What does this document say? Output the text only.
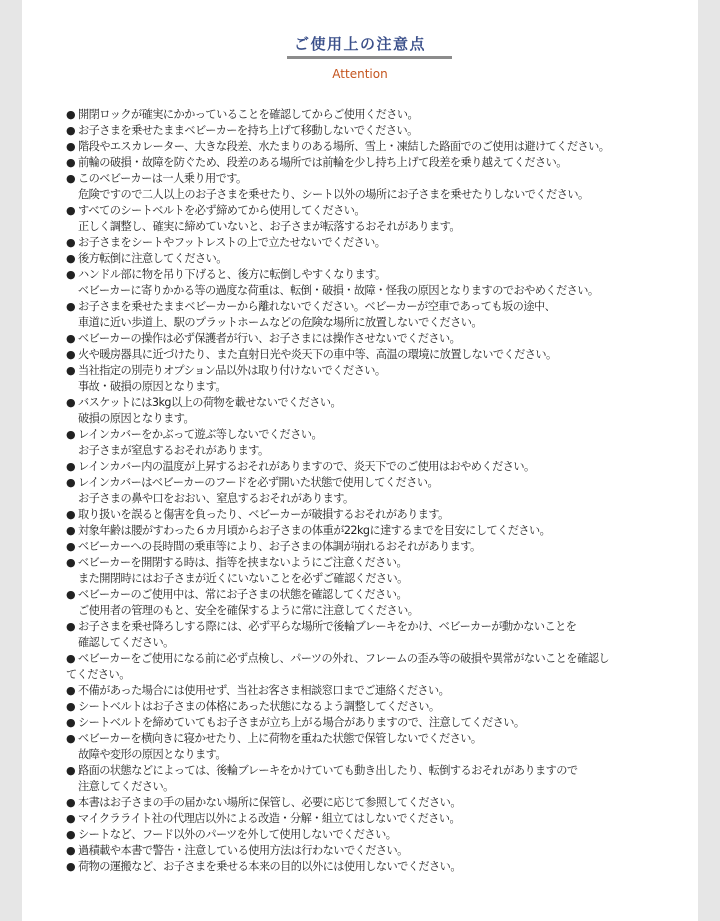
ご使用上の注意点
Attention
● 開閉ロックが確実にかかっていることを確認してからご使用ください。
● お子さまを乗せたままベビーカーを持ち上げて移動しないでください。
● 階段やエスカレーター、大きな段差、水たまりのある場所、雪上・凍結した路面でのご使用は避けてください。
● 前輪の破損・故障を防ぐため、段差のある場所では前輪を少し持ち上げて段差を乗り越えてください。
● このベビーカーは一人乗り用です。
危険ですので二人以上のお子さまを乗せたり、シート以外の場所にお子さまを乗せたりしないでください。
● すべてのシートベルトを必ず締めてから使用してください。
正しく調整し、確実に締めていないと、お子さまが転落するおそれがあります。
● お子さまをシートやフットレストの上で立たせないでください。
● 後方転倒に注意してください。
● ハンドル部に物を吊り下げると、後方に転倒しやすくなります。
ベビーカーに寄りかかる等の過度な荷重は、転倒・破損・故障・怪我の原因となりますのでおやめください。
● お子さまを乗せたままベビーカーから離れないでください。ベビーカーが空車であっても坂の途中、
車道に近い歩道上、駅のプラットホームなどの危険な場所に放置しないでください。
● ベビーカーの操作は必ず保護者が行い、お子さまには操作させないでください。
● 火や暖房器具に近づけたり、また直射日光や炎天下の車中等、高温の環境に放置しないでください。
● 当社指定の別売りオプション品以外は取り付けないでください。
事故・破損の原因となります。
● バスケットには3kg以上の荷物を載せないでください。
破損の原因となります。
● レインカバーをかぶって遊ぶ等しないでください。
お子さまが窒息するおそれがあります。
● レインカバー内の温度が上昇するおそれがありますので、炎天下でのご使用はおやめください。
● レインカバーはベビーカーのフードを必ず開いた状態で使用してください。
お子さまの鼻や口をおおい、窒息するおそれがあります。
● 取り扱いを誤ると傷害を負ったり、ベビーカーが破損するおそれがあります。
● 対象年齢は腰がすわった６カ月頃からお子さまの体重が22kgに達するまでを目安にしてください。
● ベビーカーへの長時間の乗車等により、お子さまの体調が崩れるおそれがあります。
● ベビーカーを開閉する時は、指等を挟まないようにご注意ください。
また開閉時にはお子さまが近くにいないことを必ずご確認ください。
● ベビーカーのご使用中は、常にお子さまの状態を確認してください。
ご使用者の管理のもと、安全を確保するように常に注意してください。
● お子さまを乗せ降ろしする際には、必ず平らな場所で後輪ブレーキをかけ、ベビーカーが動かないことを
確認してください。
● ベビーカーをご使用になる前に必ず点検し、パーツの外れ、フレームの歪み等の破損や異常がないことを確認し
てください。
● 不備があった場合には使用せず、当社お客さま相談窓口までご連絡ください。
● シートベルトはお子さまの体格にあった状態になるよう調整してください。
● シートベルトを締めていてもお子さまが立ち上がる場合がありますので、注意してください。
● ベビーカーを横向きに寝かせたり、上に荷物を重ねた状態で保管しないでください。
故障や変形の原因となります。
● 路面の状態などによっては、後輪ブレーキをかけていても動き出したり、転倒するおそれがありますので
注意してください。
● 本書はお子さまの手の届かない場所に保管し、必要に応じて参照してください。
● マイクラライト社の代理店以外による改造・分解・組立てはしないでください。
● シートなど、フード以外のパーツを外して使用しないでください。
● 過積載や本書で警告・注意している使用方法は行わないでください。
● 荷物の運搬など、お子さまを乗せる本来の目的以外には使用しないでください。
